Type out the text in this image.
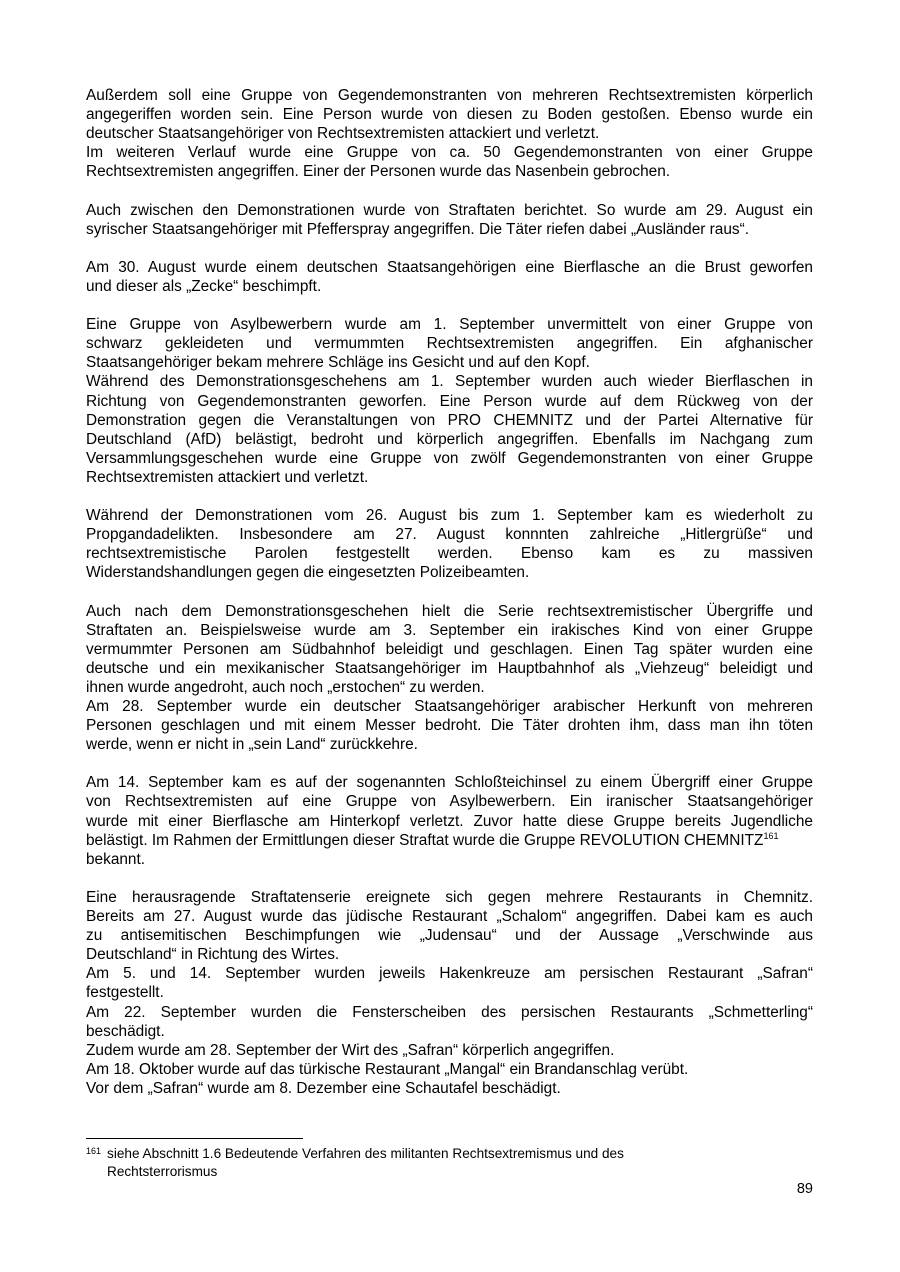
Außerdem soll eine Gruppe von Gegendemonstranten von mehreren Rechtsextremisten körperlich
angegeriffen worden sein. Eine Person wurde von diesen zu Boden gestoßen. Ebenso wurde ein
deutscher Staatsangehöriger von Rechtsextremisten attackiert und verletzt.
Im weiteren Verlauf wurde eine Gruppe von ca. 50 Gegendemonstranten von einer Gruppe
Rechtsextremisten angegriffen. Einer der Personen wurde das Nasenbein gebrochen.

Auch zwischen den Demonstrationen wurde von Straftaten berichtet. So wurde am 29. August ein
syrischer Staatsangehöriger mit Pfefferspray angegriffen. Die Täter riefen dabei „Ausländer raus“.

Am 30. August wurde einem deutschen Staatsangehörigen eine Bierflasche an die Brust geworfen
und dieser als „Zecke“ beschimpft.

Eine Gruppe von Asylbewerbern wurde am 1. September unvermittelt von einer Gruppe von
schwarz gekleideten und vermummten Rechtsextremisten angegriffen. Ein afghanischer
Staatsangehöriger bekam mehrere Schläge ins Gesicht und auf den Kopf.
Während des Demonstrationsgeschehens am 1. September wurden auch wieder Bierflaschen in
Richtung von Gegendemonstranten geworfen. Eine Person wurde auf dem Rückweg von der
Demonstration gegen die Veranstaltungen von PRO CHEMNITZ und der Partei Alternative für
Deutschland (AfD) belästigt, bedroht und körperlich angegriffen. Ebenfalls im Nachgang zum
Versammlungsgeschehen wurde eine Gruppe von zwölf Gegendemonstranten von einer Gruppe
Rechtsextremisten attackiert und verletzt.

Während der Demonstrationen vom 26. August bis zum 1. September kam es wiederholt zu
Propgandadelikten. Insbesondere am 27. August konnnten zahlreiche „Hitlergrüße“ und
rechtsextremistische Parolen festgestellt werden. Ebenso kam es zu massiven
Widerstandshandlungen gegen die eingesetzten Polizeibeamten.

Auch nach dem Demonstrationsgeschehen hielt die Serie rechtsextremistischer Übergriffe und
Straftaten an. Beispielsweise wurde am 3. September ein irakisches Kind von einer Gruppe
vermummter Personen am Südbahnhof beleidigt und geschlagen. Einen Tag später wurden eine
deutsche und ein mexikanischer Staatsangehöriger im Hauptbahnhof als „Viehzeug“ beleidigt und
ihnen wurde angedroht, auch noch „erstochen“ zu werden.
Am 28. September wurde ein deutscher Staatsangehöriger arabischer Herkunft von mehreren
Personen geschlagen und mit einem Messer bedroht. Die Täter drohten ihm, dass man ihn töten
werde, wenn er nicht in „sein Land“ zurückkehre.

Am 14. September kam es auf der sogenannten Schloßteichinsel zu einem Übergriff einer Gruppe
von Rechtsextremisten auf eine Gruppe von Asylbewerbern. Ein iranischer Staatsangehöriger
wurde mit einer Bierflasche am Hinterkopf verletzt. Zuvor hatte diese Gruppe bereits Jugendliche
belästigt. Im Rahmen der Ermittlungen dieser Straftat wurde die Gruppe REVOLUTION CHEMNITZ$^{161}$
bekannt.

Eine herausragende Straftatenserie ereignete sich gegen mehrere Restaurants in Chemnitz.
Bereits am 27. August wurde das jüdische Restaurant „Schalom“ angegriffen. Dabei kam es auch
zu antisemitischen Beschimpfungen wie „Judensau“ und der Aussage „Verschwinde aus
Deutschland“ in Richtung des Wirtes.
Am 5. und 14. September wurden jeweils Hakenkreuze am persischen Restaurant „Safran“
festgestellt.
Am 22. September wurden die Fensterscheiben des persischen Restaurants „Schmetterling“
beschädigt.
Zudem wurde am 28. September der Wirt des „Safran“ körperlich angegriffen.
Am 18. Oktober wurde auf das türkische Restaurant „Mangal“ ein Brandanschlag verübt.
Vor dem „Safran“ wurde am 8. Dezember eine Schautafel beschädigt.

$^{161}$ siehe Abschnitt 1.6 Bedeutende Verfahren des militanten Rechtsextremismus und des
Rechtsterrorismus
89
